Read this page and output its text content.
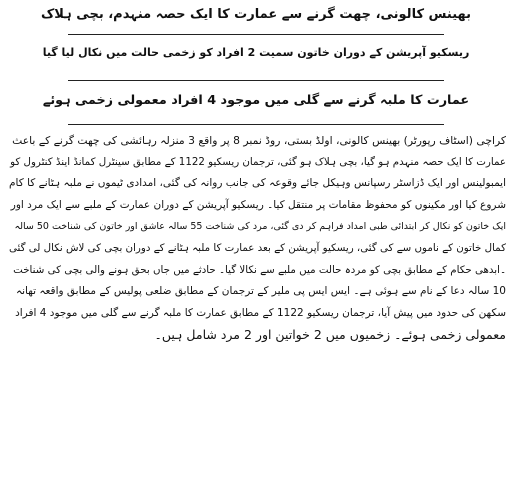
بھینس کالونی، چھت گرنے سے عمارت کا ایک حصہ منہدم، بچی ہلاک
ریسکیو آپریشن کے دوران خاتون سمیت 2 افراد کو زخمی حالت میں نکال لیا گیا
عمارت کا ملبہ گرنے سے گلی میں موجود 4 افراد معمولی زخمی ہوئے
کراچی (اسٹاف رپورٹر) بھینس کالونی، اولڈ بستی، روڈ نمبر 8 پر واقع 3 منزلہ رہائشی کی چھت گرنے کے باعث
عمارت کا ایک حصہ منہدم ہو گیا، بچی ہلاک ہو گئی، ترجمان ریسکیو 1122 کے مطابق سینٹرل کمانڈ اینڈ کنٹرول کو
ایمبولینس اور ایک ڈزاسٹر رسپانس وہیکل جائے وقوعہ کی جانب روانہ کی گئی، امدادی ٹیموں نے ملبہ ہٹانے کا کام
شروع کیا اور مکینوں کو محفوظ مقامات پر منتقل کیا۔ ریسکیو آپریشن کے دوران عمارت کے ملبے سے ایک مرد اور
ایک خاتون کو نکال کر ابتدائی طبی امداد فراہم کر دی گئی، مرد کی شناخت 55 سالہ عاشق اور خاتون کی شناخت 50 سالہ
کمال خاتون کے ناموں سے کی گئی، ریسکیو آپریشن کے بعد عمارت کا ملبہ ہٹانے کے دوران بچی کی لاش نکال لی گئی
۔ابدھی حکام کے مطابق بچی کو مردہ حالت میں ملبے سے نکالا گیا۔ حادثے میں جاں بحق ہونے والی بچی کی شناخت
10 سالہ دعا کے نام سے ہوئی ہے۔ ایس ایس پی ملیر کے ترجمان کے مطابق ضلعی پولیس کے مطابق واقعہ تھانہ
سکھن کی حدود میں پیش آیا، ترجمان ریسکیو 1122 کے مطابق عمارت کا ملبہ گرنے سے گلی میں موجود 4 افراد
معمولی زخمی ہوئے۔ زخمیوں میں 2 خواتین اور 2 مرد شامل ہیں۔
